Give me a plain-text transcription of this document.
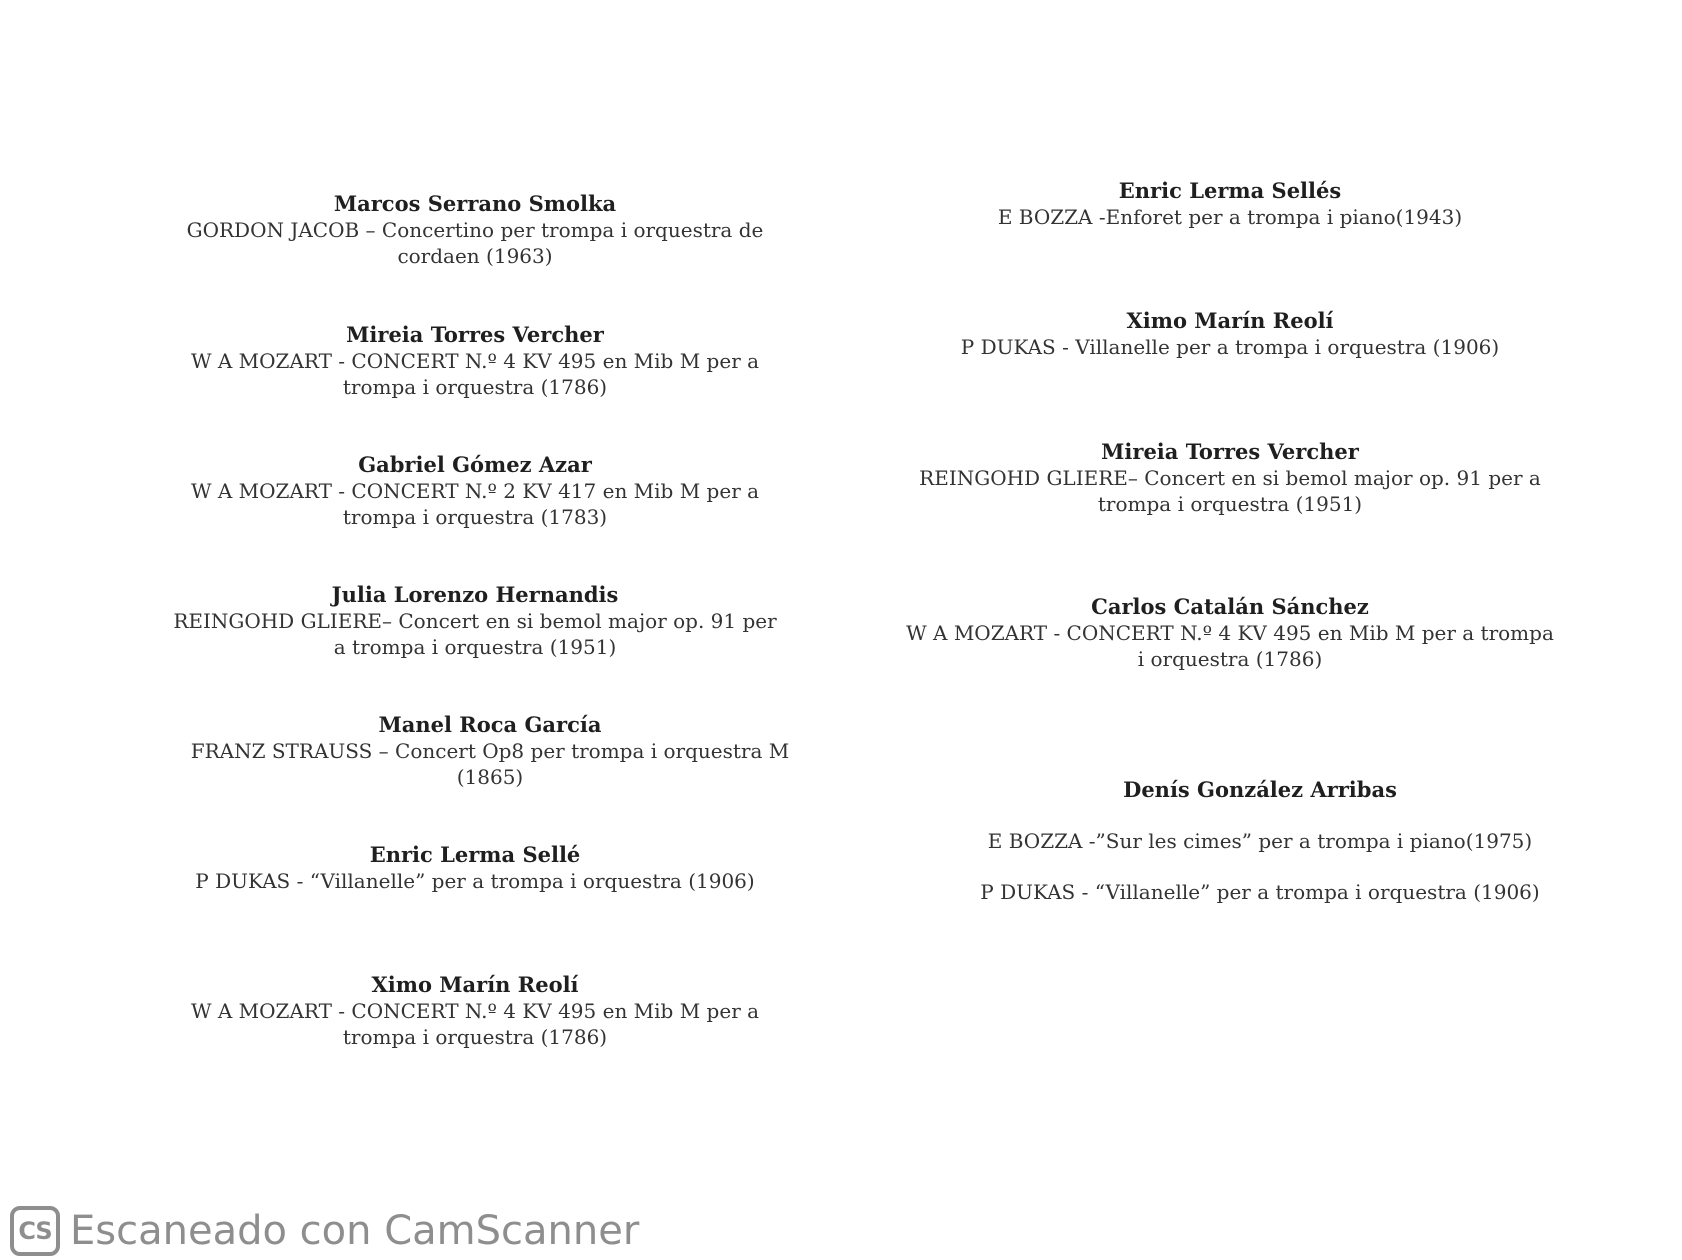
Marcos Serrano Smolka
GORDON JACOB – Concertino per trompa i orquestra de cordaen (1963)
Mireia Torres Vercher
W A MOZART - CONCERT N.º 4 KV 495 en Mib M per a trompa i orquestra (1786)
Gabriel Gómez Azar
W A MOZART - CONCERT N.º 2 KV 417 en Mib M per a trompa i orquestra (1783)
Julia Lorenzo Hernandis
REINGOHD GLIERE– Concert en si bemol major op. 91 per a trompa i orquestra (1951)
Manel Roca García
FRANZ STRAUSS – Concert Op8 per trompa i orquestra M (1865)
Enric Lerma Sellé
P DUKAS - “Villanelle” per a trompa i orquestra (1906)
Ximo Marín Reolí
W A MOZART - CONCERT N.º 4 KV 495 en Mib M per a trompa i orquestra (1786)
Enric Lerma Sellés
E BOZZA -Enforet per a trompa i piano(1943)
Ximo Marín Reolí
P DUKAS - Villanelle per a trompa i orquestra (1906)
Mireia Torres Vercher
REINGOHD GLIERE– Concert en si bemol major op. 91 per a trompa i orquestra (1951)
Carlos Catalán Sánchez
W A MOZART - CONCERT N.º 4 KV 495 en Mib M per a trompa i orquestra (1786)
Denís González Arribas
E BOZZA -”Sur les cimes” per a trompa i piano(1975)
P DUKAS - “Villanelle” per a trompa i orquestra (1906)
CS Escaneado con CamScanner
